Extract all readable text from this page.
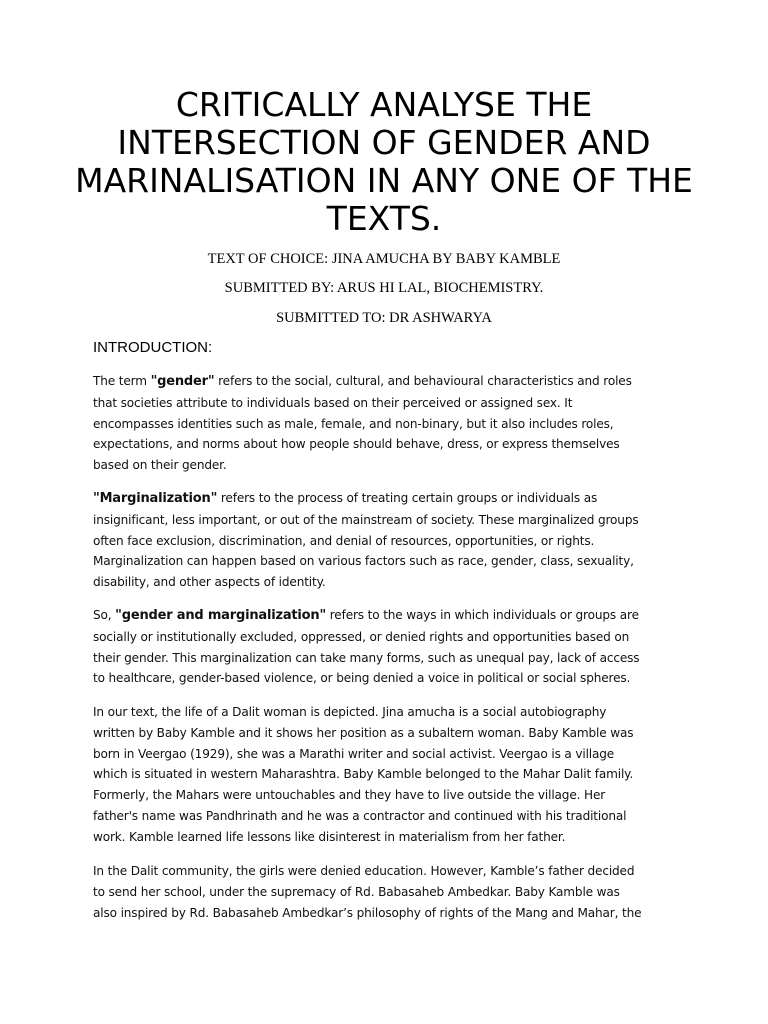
CRITICALLY ANALYSE THE INTERSECTION OF GENDER AND MARINALISATION IN ANY ONE OF THE TEXTS.

TEXT OF CHOICE: JINA AMUCHA BY BABY KAMBLE

SUBMITTED BY: ARUS HI LAL, BIOCHEMISTRY.

SUBMITTED TO: DR ASHWARYA

INTRODUCTION:
The term "gender" refers to the social, cultural, and behavioural characteristics and roles
that societies attribute to individuals based on their perceived or assigned sex. It
encompasses identities such as male, female, and non-binary, but it also includes roles,
expectations, and norms about how people should behave, dress, or express themselves
based on their gender.
"Marginalization" refers to the process of treating certain groups or individuals as
insignificant, less important, or out of the mainstream of society. These marginalized groups
often face exclusion, discrimination, and denial of resources, opportunities, or rights.
Marginalization can happen based on various factors such as race, gender, class, sexuality,
disability, and other aspects of identity.
So, "gender and marginalization" refers to the ways in which individuals or groups are
socially or institutionally excluded, oppressed, or denied rights and opportunities based on
their gender. This marginalization can take many forms, such as unequal pay, lack of access
to healthcare, gender-based violence, or being denied a voice in political or social spheres.
In our text, the life of a Dalit woman is depicted. Jina amucha is a social autobiography
written by Baby Kamble and it shows her position as a subaltern woman. Baby Kamble was
born in Veergao (1929), she was a Marathi writer and social activist. Veergao is a village
which is situated in western Maharashtra. Baby Kamble belonged to the Mahar Dalit family.
Formerly, the Mahars were untouchables and they have to live outside the village. Her
father's name was Pandhrinath and he was a contractor and continued with his traditional
work. Kamble learned life lessons like disinterest in materialism from her father.
In the Dalit community, the girls were denied education. However, Kamble’s father decided
to send her school, under the supremacy of Rd. Babasaheb Ambedkar. Baby Kamble was
also inspired by Rd. Babasaheb Ambedkar’s philosophy of rights of the Mang and Mahar, the
